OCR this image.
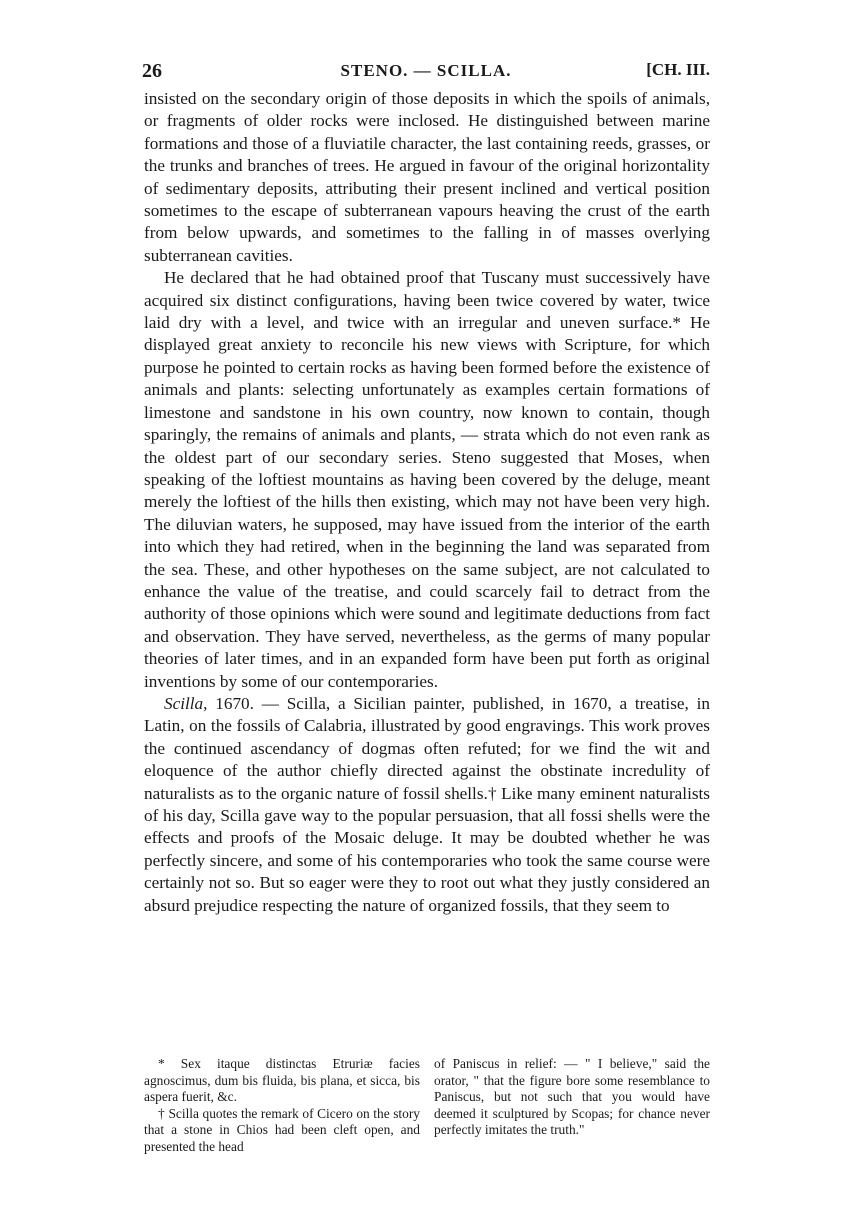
26	STENO. — SCILLA.	[CH. III.

insisted on the secondary origin of those deposits in which the spoils of animals, or fragments of older rocks were inclosed. He distinguished between marine formations and those of a fluviatile character, the last containing reeds, grasses, or the trunks and branches of trees. He argued in favour of the original horizontality of sedimentary deposits, attributing their present inclined and vertical position sometimes to the escape of subterranean vapours heaving the crust of the earth from below upwards, and sometimes to the falling in of masses overlying subterranean cavities.

He declared that he had obtained proof that Tuscany must successively have acquired six distinct configurations, having been twice covered by water, twice laid dry with a level, and twice with an irregular and uneven surface.* He displayed great anxiety to reconcile his new views with Scripture, for which purpose he pointed to certain rocks as having been formed before the existence of animals and plants: selecting unfortunately as examples certain formations of limestone and sandstone in his own country, now known to contain, though sparingly, the remains of animals and plants, — strata which do not even rank as the oldest part of our secondary series. Steno suggested that Moses, when speaking of the loftiest mountains as having been covered by the deluge, meant merely the loftiest of the hills then existing, which may not have been very high. The diluvian waters, he supposed, may have issued from the interior of the earth into which they had retired, when in the beginning the land was separated from the sea. These, and other hypotheses on the same subject, are not calculated to enhance the value of the treatise, and could scarcely fail to detract from the authority of those opinions which were sound and legitimate deductions from fact and observation. They have served, nevertheless, as the germs of many popular theories of later times, and in an expanded form have been put forth as original inventions by some of our contemporaries.

Scilla, 1670. — Scilla, a Sicilian painter, published, in 1670, a treatise, in Latin, on the fossils of Calabria, illustrated by good engravings. This work proves the continued ascendancy of dogmas often refuted; for we find the wit and eloquence of the author chiefly directed against the obstinate incredulity of naturalists as to the organic nature of fossil shells.† Like many eminent naturalists of his day, Scilla gave way to the popular persuasion, that all fossi shells were the effects and proofs of the Mosaic deluge. It may be doubted whether he was perfectly sincere, and some of his contemporaries who took the same course were certainly not so. But so eager were they to root out what they justly considered an absurd prejudice respecting the nature of organized fossils, that they seem to

* Sex itaque distinctas Etruriæ facies agnoscimus, dum bis fluida, bis plana, et sicca, bis aspera fuerit, &c.

† Scilla quotes the remark of Cicero on the story that a stone in Chios had been cleft open, and presented the head

of Paniscus in relief: — " I believe," said the orator, " that the figure bore some resemblance to Paniscus, but not such that you would have deemed it sculptured by Scopas; for chance never perfectly imitates the truth."
